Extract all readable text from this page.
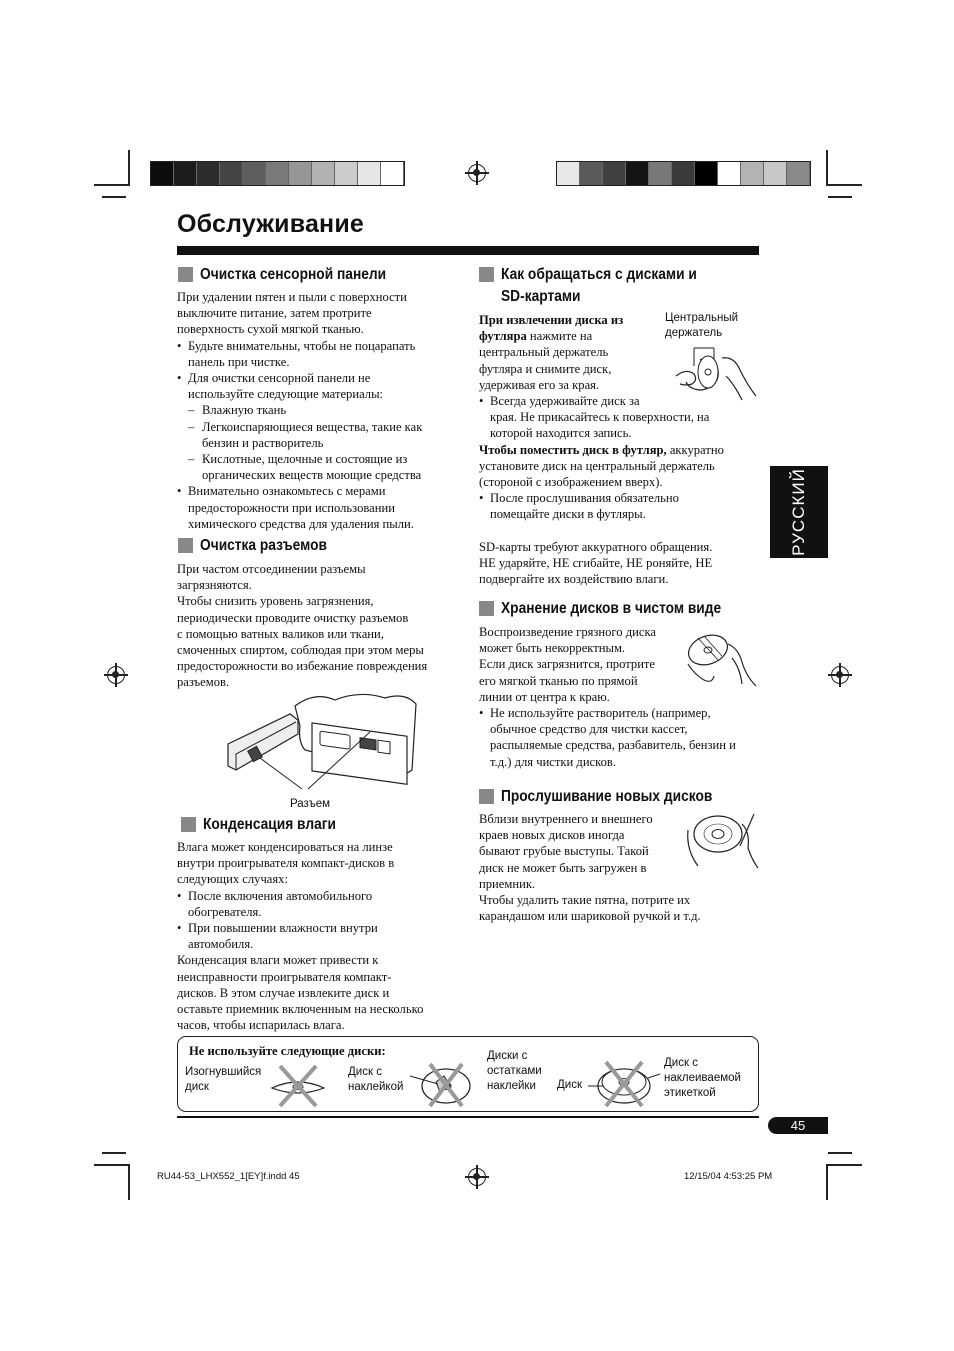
Обслуживание
РУССКИЙ
Очистка сенсорной панели

При удалении пятен и пыли с поверхности

выключите питание, затем протрите

поверхность сухой мягкой тканью.

• Будьте внимательны, чтобы не поцарапать
панель при чистке.
• Для очистки сенсорной панели не
используйте следующие материалы:
– Влажную ткань
– Легкоиспаряющиеся вещества, такие как
бензин и растворитель
– Кислотные, щелочные и состоящие из
органических веществ моющие средства
• Внимательно ознакомьтесь с мерами
предосторожности при использовании
химического средства для удаления пыли.
Очистка разъемов

При частом отсоединении разъемы

загрязняются.

Чтобы снизить уровень загрязнения,

периодически проводите очистку разъемов

с помощью ватных валиков или ткани,

смоченных спиртом, соблюдая при этом меры

предосторожности во избежание повреждения

разъемов.

Разъем
Конденсация влаги

Влага может конденсироваться на линзе

внутри проигрывателя компакт-дисков в

следующих случаях:

• После включения автомобильного
обогревателя.
• При повышении влажности внутри
автомобиля.

Конденсация влаги может привести к

неисправности проигрывателя компакт-

дисков. В этом случае извлеките диск и

оставьте приемник включенным на несколько

часов, чтобы испарилась влага.

Как обращаться с дисками и
SD-картами

При извлечении диска из

футляра нажмите на

центральный держатель

футляра и снимите диск,

удерживая его за края.

• Всегда удерживайте диск за
края. Не прикасайтесь к поверхности, на
которой находится запись.

Чтобы поместить диск в футляр, аккуратно

установите диск на центральный держатель

(стороной с изображением вверх).

• После прослушивания обязательно
помещайте диски в футляры.

SD-карты требуют аккуратного обращения.

НЕ ударяйте, НЕ сгибайте, НЕ роняйте, НЕ

подвергайте их воздействию влаги.

Центральный
держатель
Хранение дисков в чистом виде

Воспроизведение грязного диска

может быть некорректным.

Если диск загрязнится, протрите

его мягкой тканью по прямой

линии от центра к краю.

• Не используйте растворитель (например,
обычное средство для чистки кассет,
распыляемые средства, разбавитель, бензин и
т.д.) для чистки дисков.
Прослушивание новых дисков

Вблизи внутреннего и внешнего

краев новых дисков иногда

бывают грубые выступы. Такой

диск не может быть загружен в

приемник.

Чтобы удалить такие пятна, потрите их

карандашом или шариковой ручкой и т.д.

Не используйте следующие диски:
Изогнувшийся
диск
Диск с
наклейкой
Диски с
остатками
наклейки	Диск
Диск с
наклеиваемой
этикеткой
45
RU44-53_LHX552_1[EY]f.indd 45	12/15/04 4:53:25 PM
